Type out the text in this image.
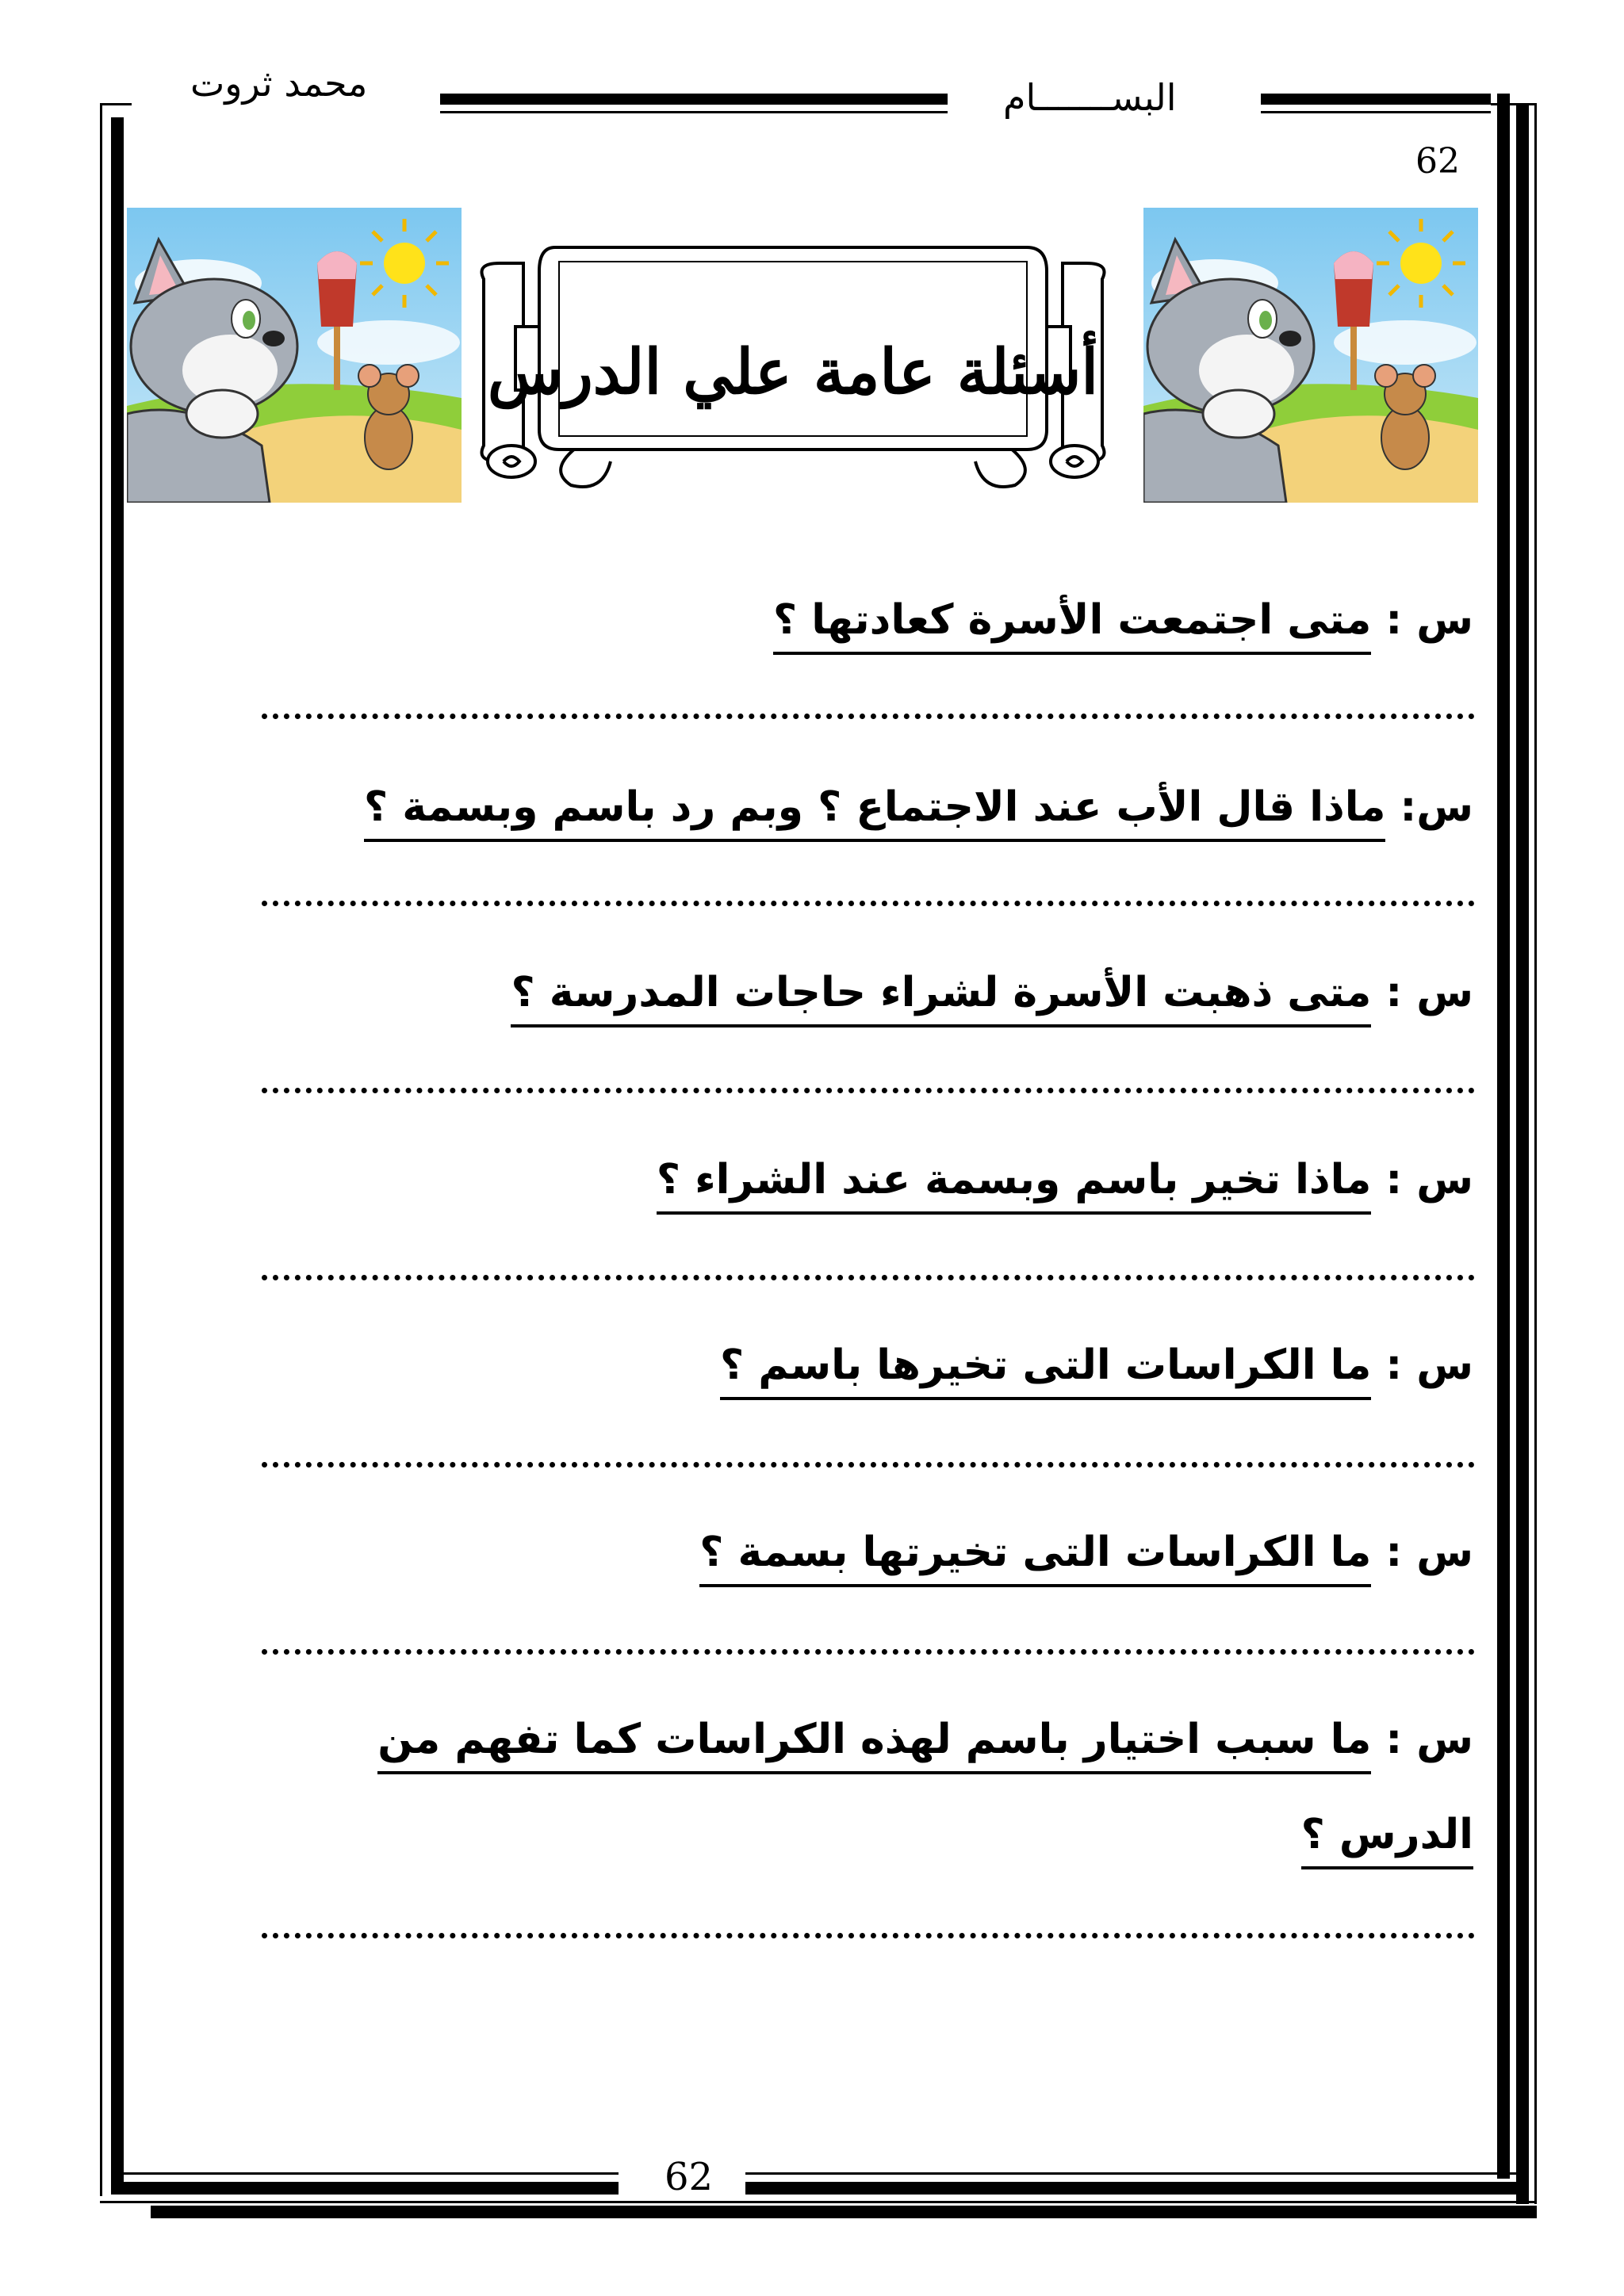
محمد ثروت	البســـــــام
62
62
أسئلة عامة علي الدرس
س :متى اجتمعت الأسرة كعادتها ؟
س:ماذا قال الأب عند الاجتماع ؟ وبم رد باسم وبسمة ؟
س :متى ذهبت الأسرة لشراء حاجات المدرسة ؟
س :ماذا تخير باسم وبسمة عند الشراء ؟
س :ما الكراسات التى تخيرها باسم ؟
س :ما الكراسات التى تخيرتها بسمة ؟
س :ما سبب اختيار باسم لهذه الكراسات كما تفهم من
الدرس ؟
